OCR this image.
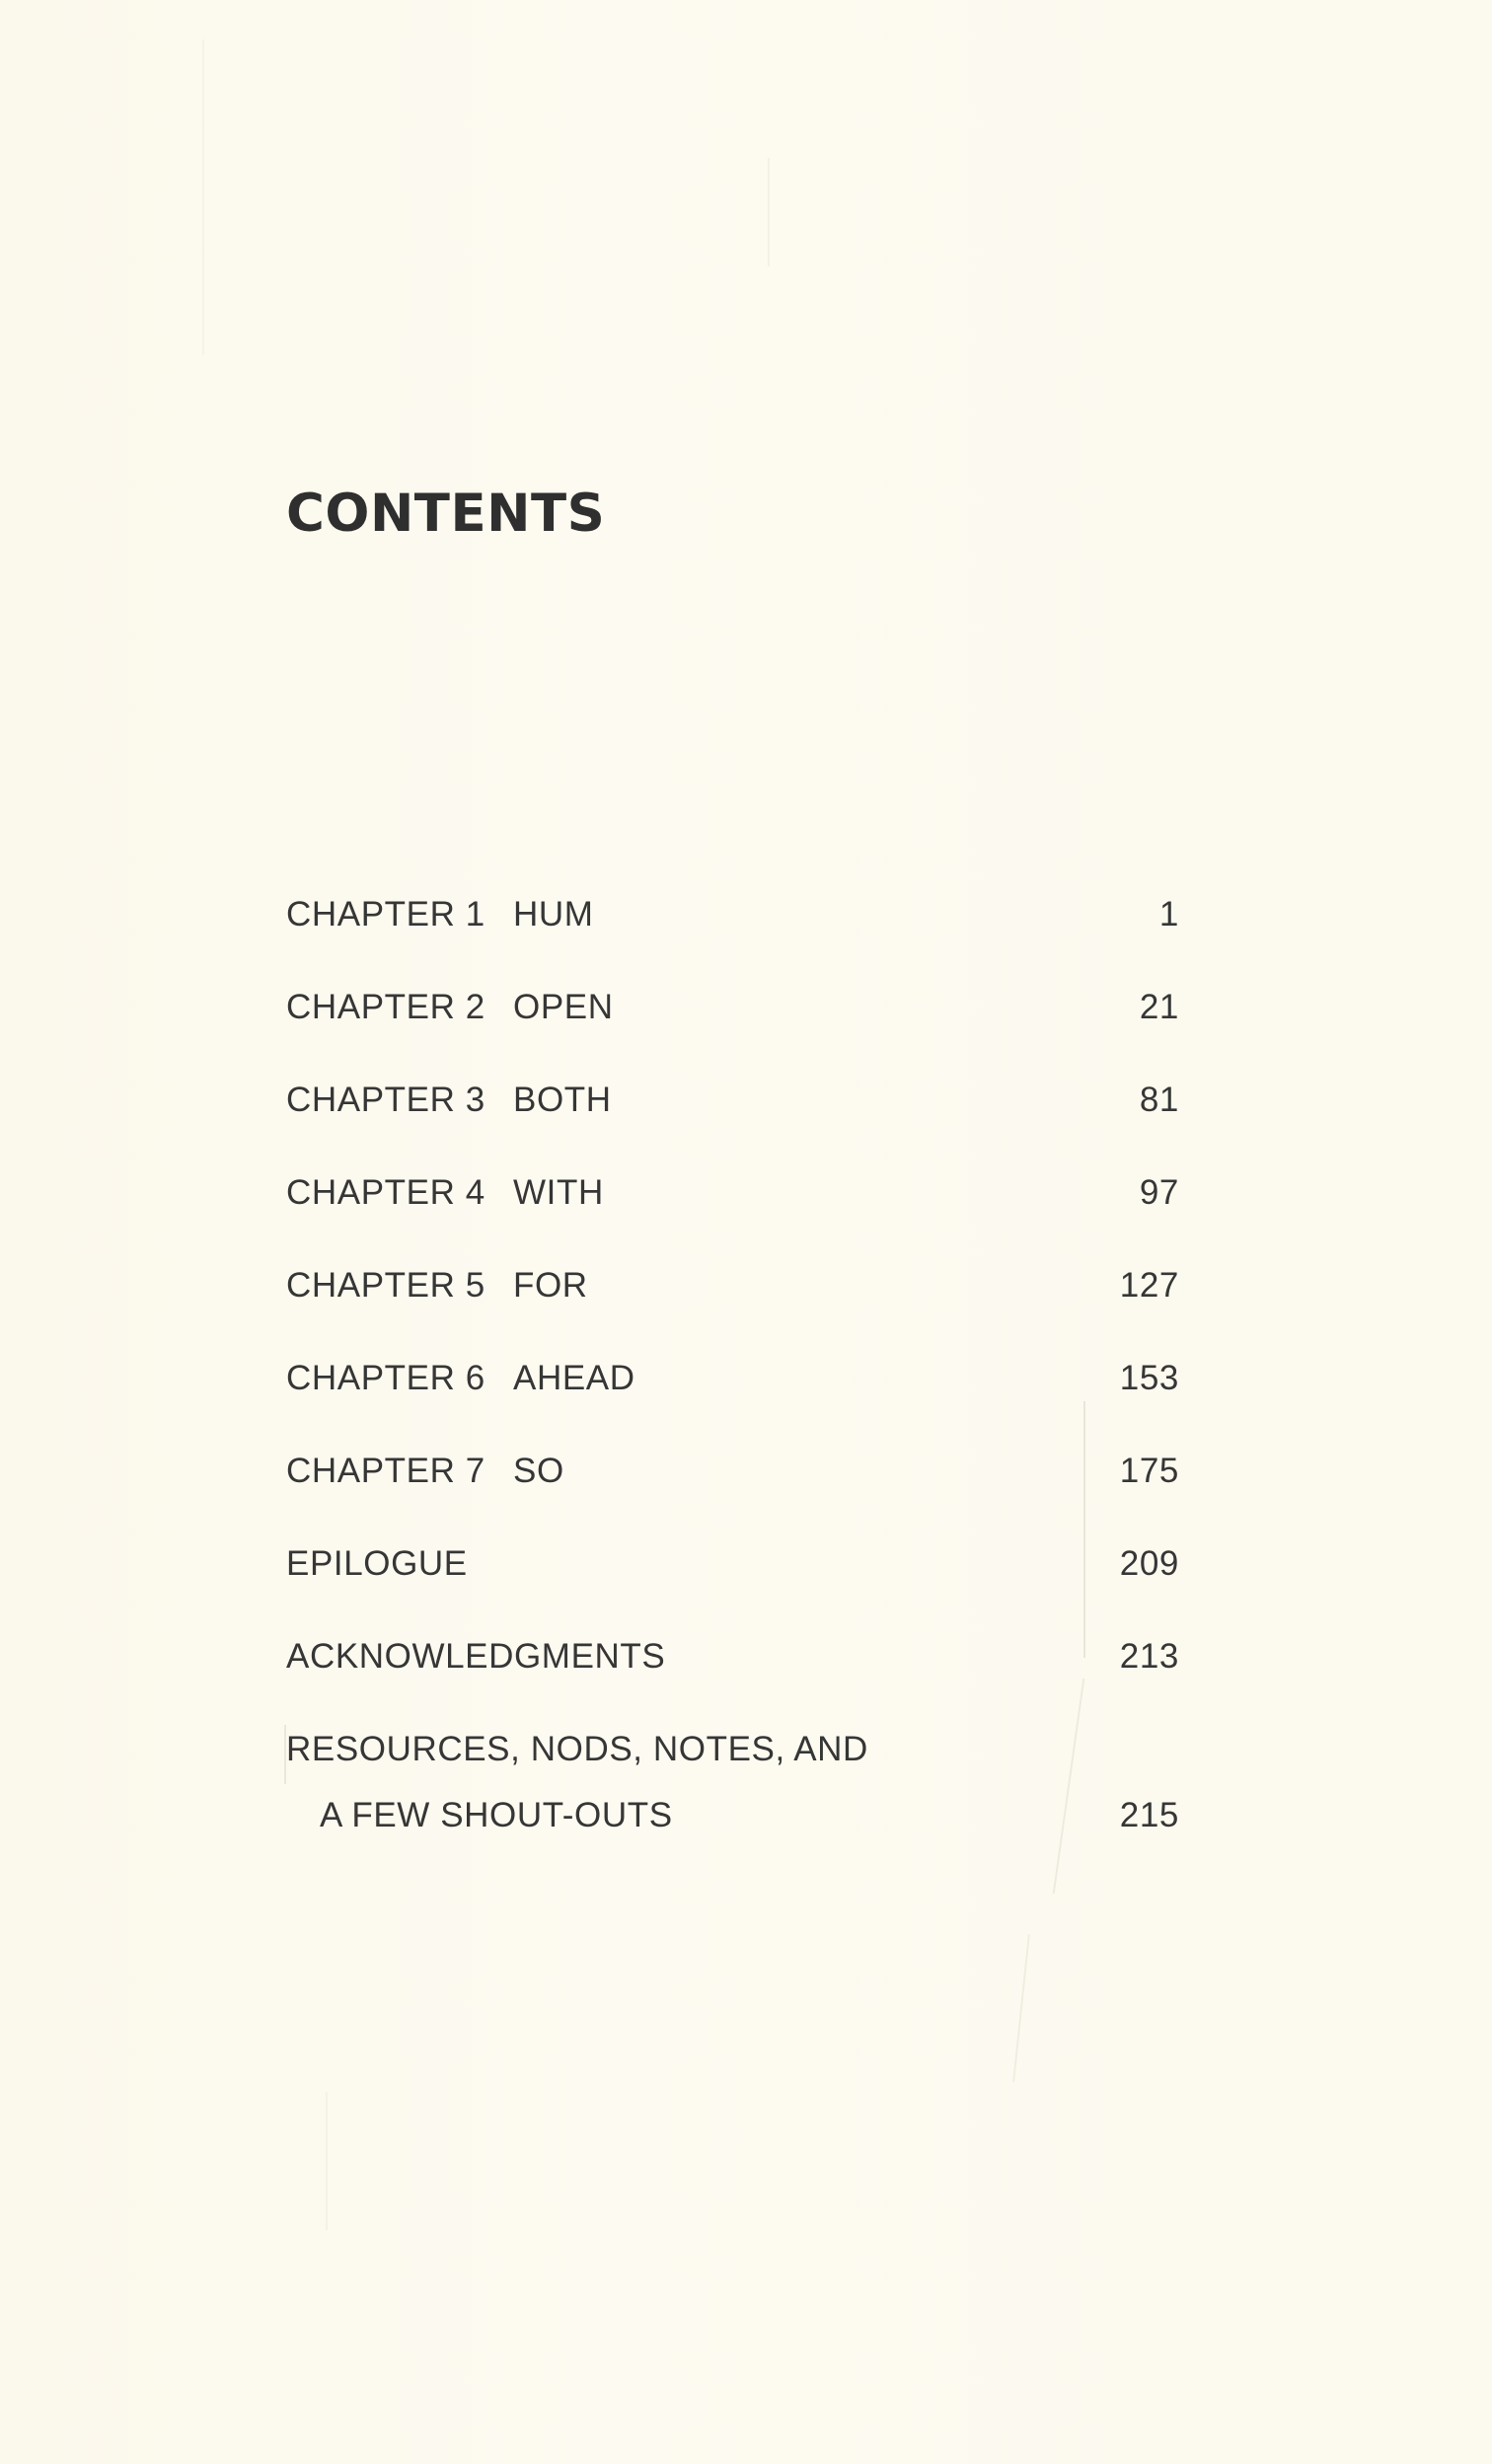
CONTENTS
CHAPTER 1 HUM	1
CHAPTER 2 OPEN	21
CHAPTER 3 BOTH	81
CHAPTER 4 WITH	97
CHAPTER 5 FOR	127
CHAPTER 6 AHEAD	153
CHAPTER 7 SO	175
EPILOGUE	209
ACKNOWLEDGMENTS	213
RESOURCES, NODS, NOTES, AND
A FEW SHOUT-OUTS	215
